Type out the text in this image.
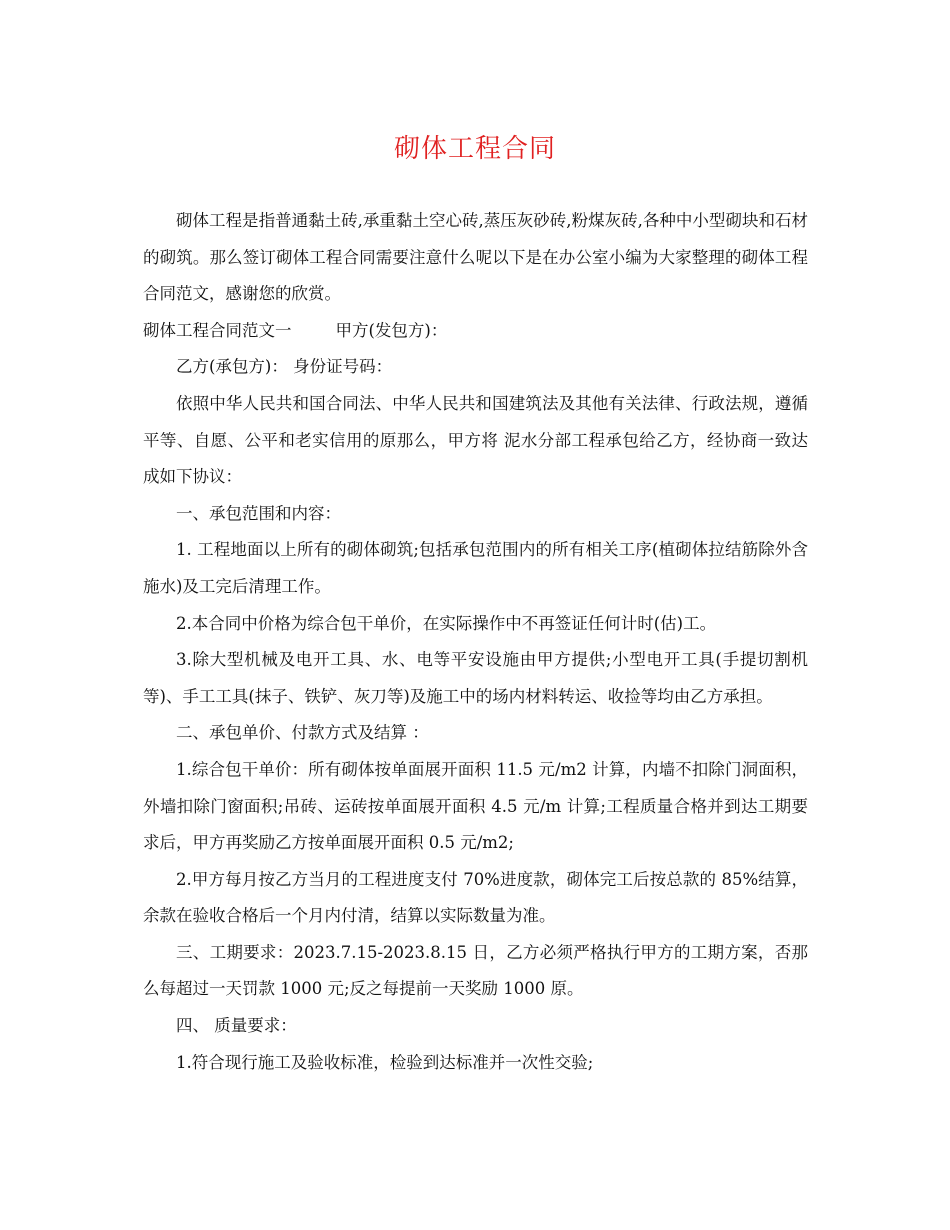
砌体工程合同

砌体工程是指普通黏土砖,承重黏土空心砖,蒸压灰砂砖,粉煤灰砖,各种中小型砌块和石材的砌筑。那么签订砌体工程合同需要注意什么呢以下是在办公室小编为大家整理的砌体工程合同范文，感谢您的欣赏。

砌体工程合同范文一	甲方(发包方)：

乙方(承包方)： 身份证号码：

依照中华人民共和国合同法、中华人民共和国建筑法及其他有关法律、行政法规，遵循平等、自愿、公平和老实信用的原那么，甲方将 泥水分部工程承包给乙方，经协商一致达成如下协议：

一、承包范围和内容：

1. 工程地面以上所有的砌体砌筑;包括承包范围内的所有相关工序(植砌体拉结筋除外含施水)及工完后清理工作。

2.本合同中价格为综合包干单价，在实际操作中不再签证任何计时(估)工。

3.除大型机械及电开工具、水、电等平安设施由甲方提供;小型电开工具(手提切割机等)、手工工具(抹子、铁铲、灰刀等)及施工中的场内材料转运、收捡等均由乙方承担。

二、承包单价、付款方式及结算 ：

1.综合包干单价：所有砌体按单面展开面积 11.5 元/m2 计算，内墙不扣除门洞面积，外墙扣除门窗面积;吊砖、运砖按单面展开面积 4.5 元/m 计算;工程质量合格并到达工期要求后，甲方再奖励乙方按单面展开面积 0.5 元/m2;

2.甲方每月按乙方当月的工程进度支付 70%进度款，砌体完工后按总款的 85%结算，余款在验收合格后一个月内付清，结算以实际数量为准。

三、工期要求：2023.7.15-2023.8.15 日，乙方必须严格执行甲方的工期方案，否那么每超过一天罚款 1000 元;反之每提前一天奖励 1000 原。

四、 质量要求：

1.符合现行施工及验收标准，检验到达标准并一次性交验;
